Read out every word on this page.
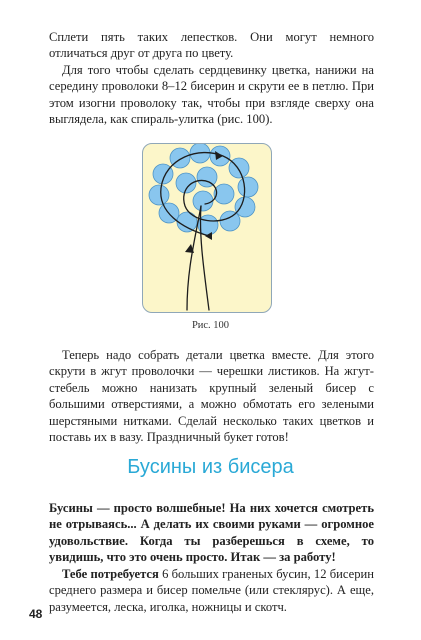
Сплети пять таких лепестков. Они могут немного отличаться друг от друга по цвету.

Для того чтобы сделать сердцевинку цветка, нанижи на середину проволоки 8–12 бисерин и скрути ее в петлю. При этом изогни проволоку так, чтобы при взгляде сверху она выглядела, как спираль-улитка (рис. 100).

Рис. 100

Теперь надо собрать детали цветка вместе. Для этого скрути в жгут проволочки — черешки листиков. На жгут-стебель можно нанизать крупный зеленый бисер с большими отверстиями, а можно обмотать его зелеными шерстяными нитками. Сделай несколько таких цветков и поставь их в вазу. Праздничный букет готов!

Бусины из бисера

Бусины — просто волшебные! На них хочется смотреть не отрываясь... А делать их своими руками — огромное удовольствие. Когда ты разберешься в схеме, то увидишь, что это очень просто. Итак — за работу!

Тебе потребуется 6 больших граненых бусин, 12 бисерин среднего размера и бисер помельче (или стеклярус). А еще, разумеется, леска, иголка, ножницы и скотч.

48
